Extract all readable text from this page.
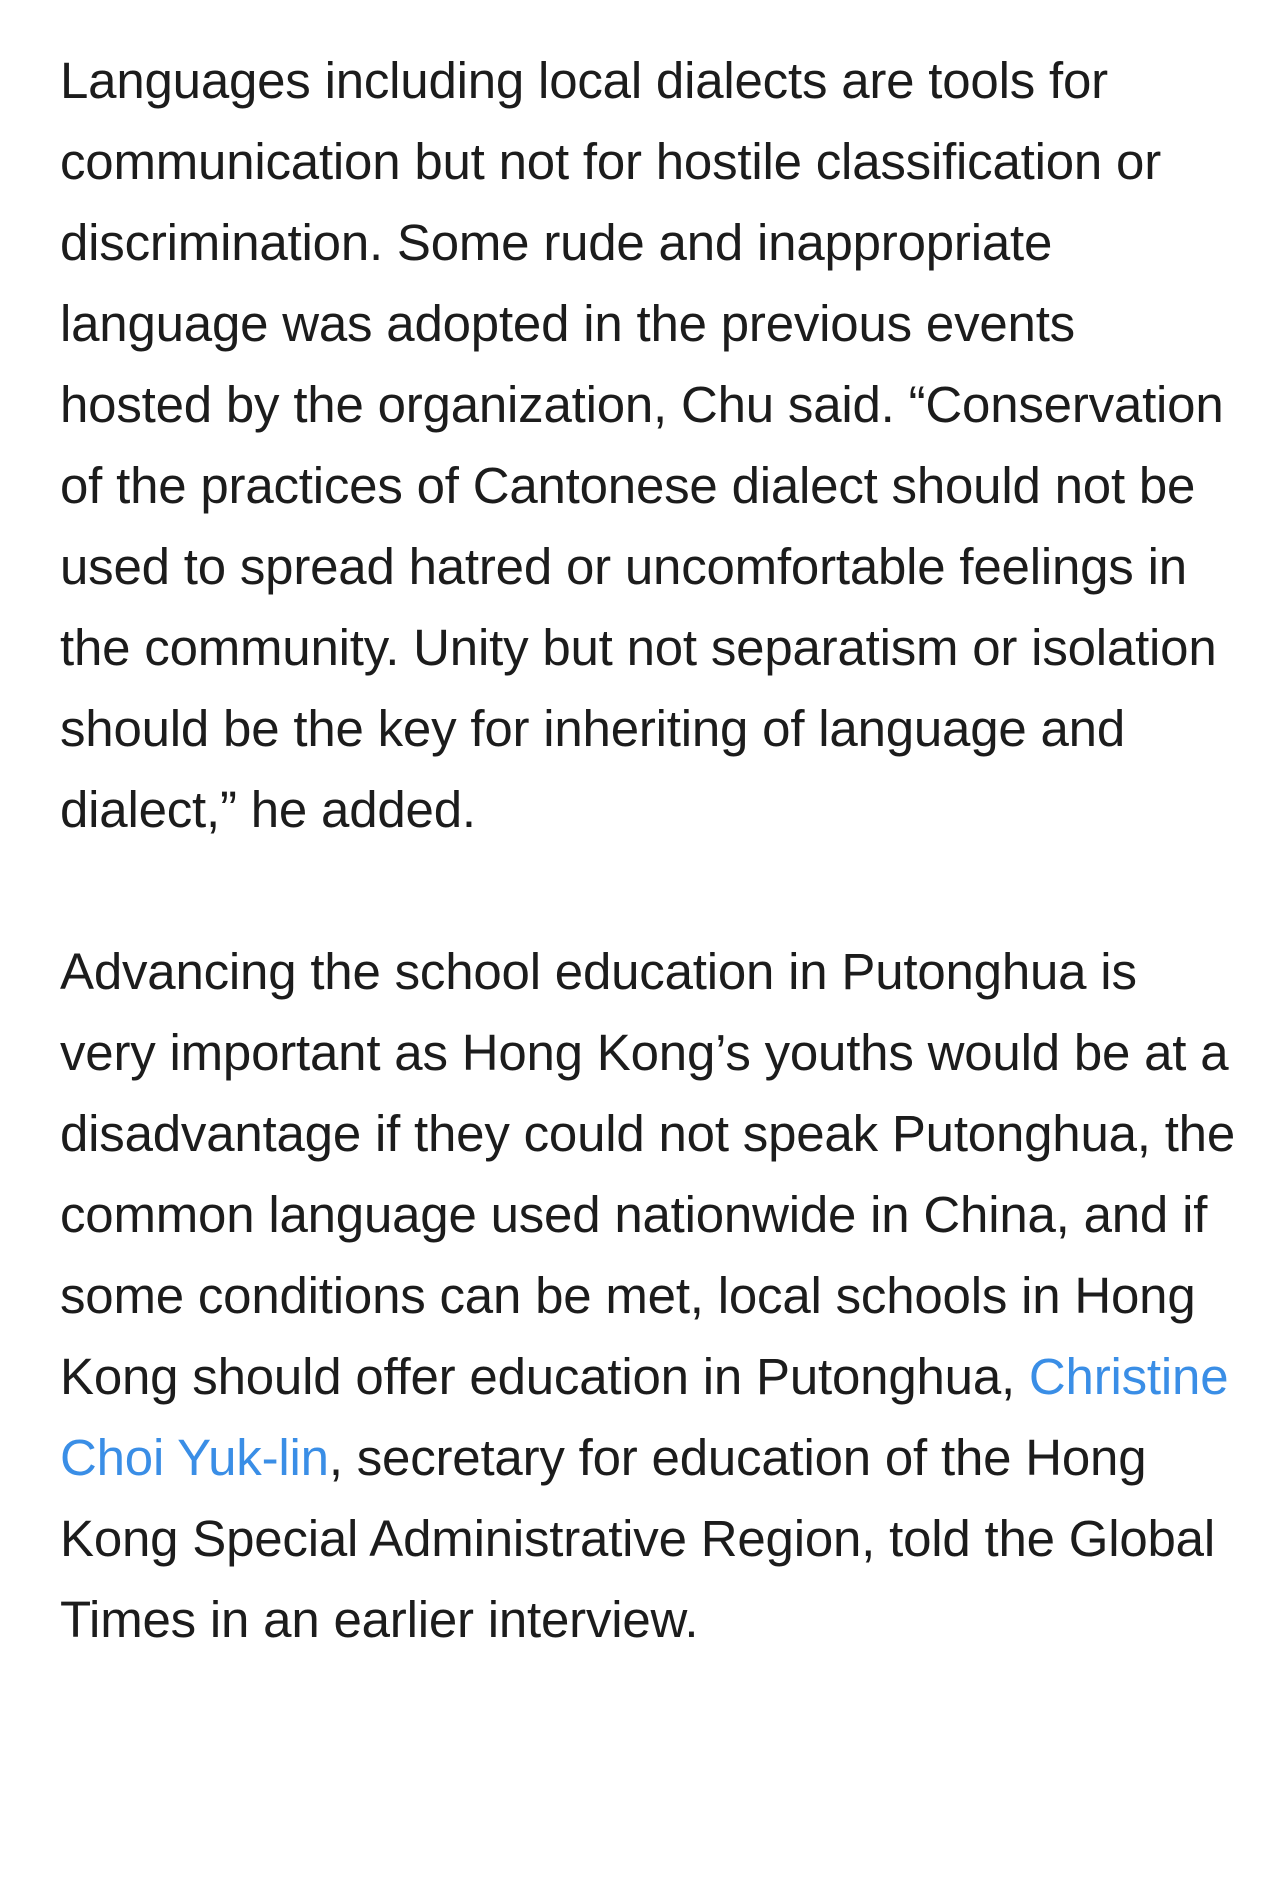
Languages including local dialects are tools for communication but not for hostile classification or discrimination. Some rude and inappropriate language was adopted in the previous events hosted by the organization, Chu said. “Conservation of the practices of Cantonese dialect should not be used to spread hatred or uncomfortable feelings in the community. Unity but not separatism or isolation should be the key for inheriting of language and dialect,” he added.

Advancing the school education in Putonghua is very important as Hong Kong’s youths would be at a disadvantage if they could not speak Putonghua, the common language used nationwide in China, and if some conditions can be met, local schools in Hong Kong should offer education in Putonghua, Christine Choi Yuk-lin, secretary for education of the Hong Kong Special Administrative Region, told the Global Times in an earlier interview.
